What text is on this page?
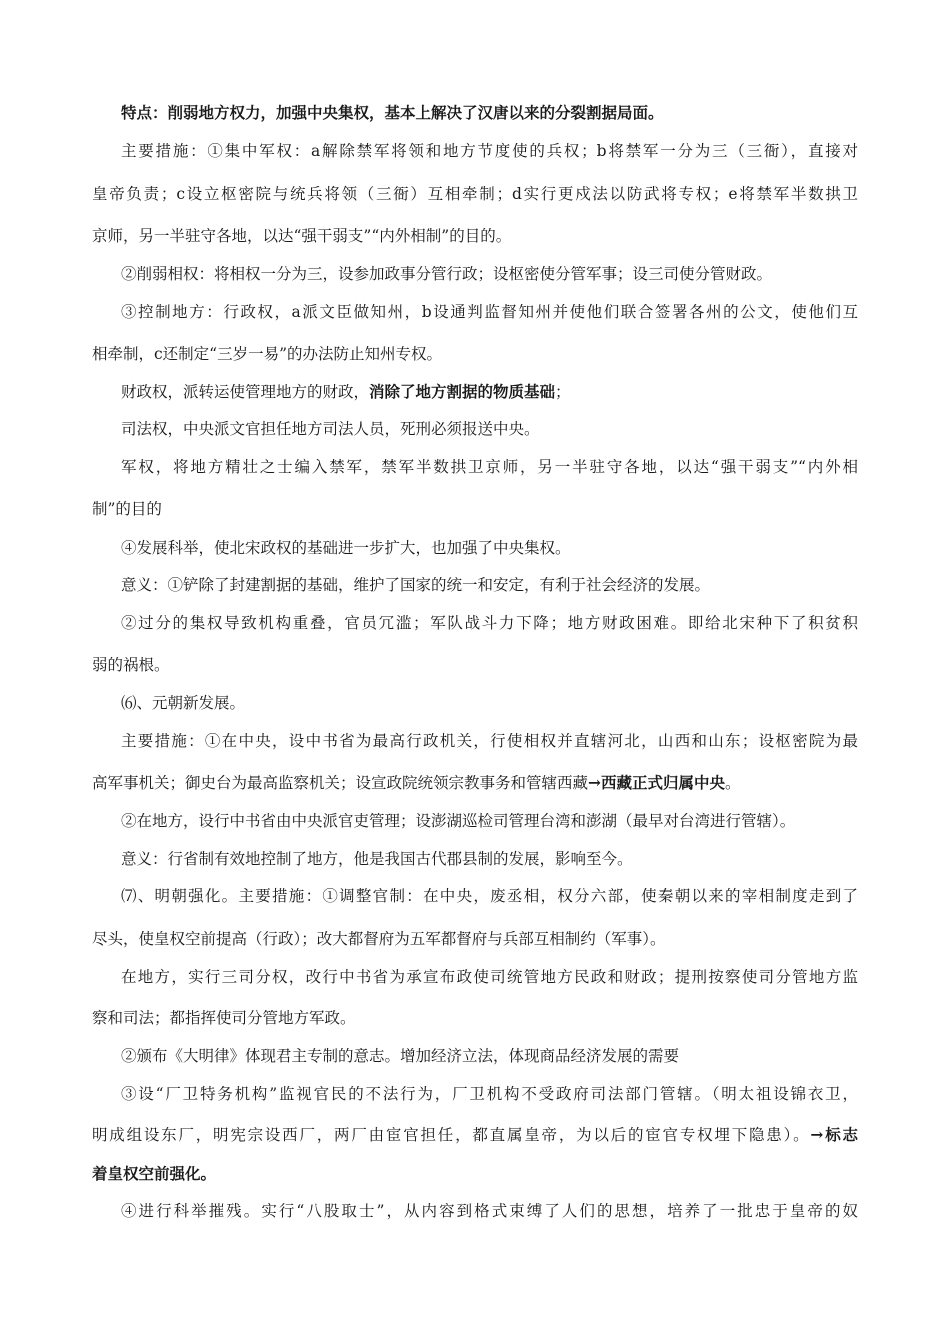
特点：削弱地方权力，加强中央集权，基本上解决了汉唐以来的分裂割据局面。
主要措施：①集中军权：a解除禁军将领和地方节度使的兵权；b将禁军一分为三（三衙），直接对
皇帝负责；c设立枢密院与统兵将领（三衙）互相牵制；d实行更戍法以防武将专权；e将禁军半数拱卫
京师，另一半驻守各地，以达“强干弱支”“内外相制”的目的。
②削弱相权：将相权一分为三，设参加政事分管行政；设枢密使分管军事；设三司使分管财政。
③控制地方：行政权，a派文臣做知州，b设通判监督知州并使他们联合签署各州的公文，使他们互
相牵制，c还制定“三岁一易”的办法防止知州专权。
财政权，派转运使管理地方的财政，消除了地方割据的物质基础；
司法权，中央派文官担任地方司法人员，死刑必须报送中央。
军权，将地方精壮之士编入禁军，禁军半数拱卫京师，另一半驻守各地，以达“强干弱支”“内外相
制”的目的
④发展科举，使北宋政权的基础进一步扩大，也加强了中央集权。
意义：①铲除了封建割据的基础，维护了国家的统一和安定，有利于社会经济的发展。
②过分的集权导致机构重叠，官员冗滥；军队战斗力下降；地方财政困难。即给北宋种下了积贫积
弱的祸根。
⑹、元朝新发展。
主要措施：①在中央，设中书省为最高行政机关，行使相权并直辖河北，山西和山东；设枢密院为最
高军事机关；御史台为最高监察机关；设宣政院统领宗教事务和管辖西藏→西藏正式归属中央。
②在地方，设行中书省由中央派官吏管理；设澎湖巡检司管理台湾和澎湖（最早对台湾进行管辖）。
意义：行省制有效地控制了地方，他是我国古代郡县制的发展，影响至今。
⑺、明朝强化。主要措施：①调整官制：在中央，废丞相，权分六部，使秦朝以来的宰相制度走到了
尽头，使皇权空前提高（行政）；改大都督府为五军都督府与兵部互相制约（军事）。
在地方，实行三司分权，改行中书省为承宣布政使司统管地方民政和财政；提刑按察使司分管地方监
察和司法；都指挥使司分管地方军政。
②颁布《大明律》体现君主专制的意志。增加经济立法，体现商品经济发展的需要
③设“厂卫特务机构”监视官民的不法行为，厂卫机构不受政府司法部门管辖。（明太祖设锦衣卫，
明成组设东厂，明宪宗设西厂，两厂由宦官担任，都直属皇帝，为以后的宦官专权埋下隐患）。→标志
着皇权空前强化。
④进行科举摧残。实行“八股取士”，从内容到格式束缚了人们的思想，培养了一批忠于皇帝的奴
